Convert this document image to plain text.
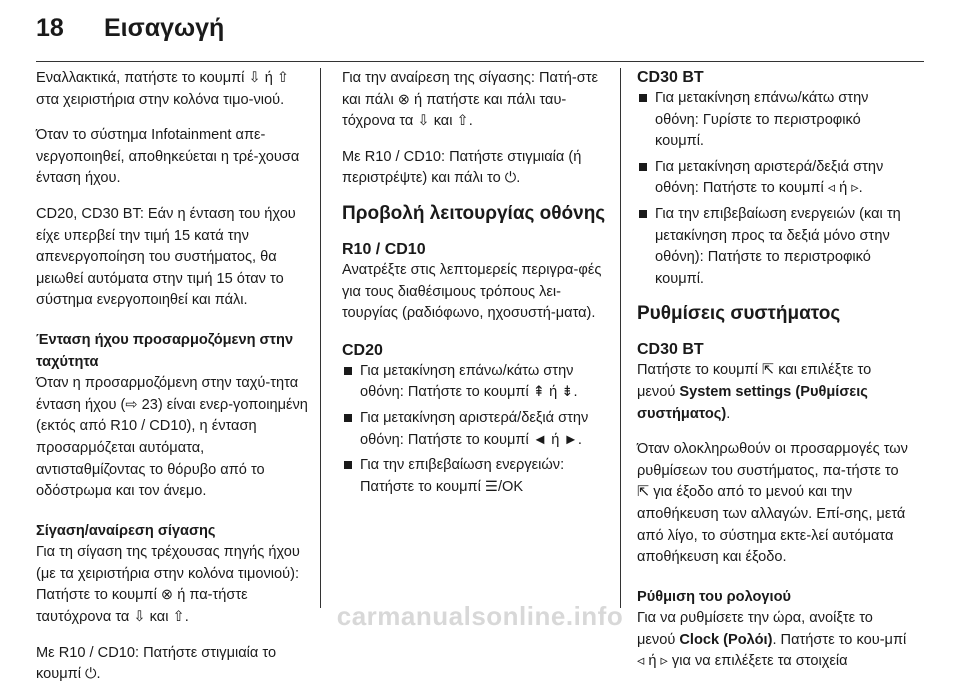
18 Εισαγωγή

Εναλλακτικά, πατήστε το κουμπί ⇩ ή ⇧ στα χειριστήρια στην κολόνα τιμο-νιού.

Όταν το σύστημα Infotainment απε-νεργοποιηθεί, αποθηκεύεται η τρέ-χουσα ένταση ήχου.

CD20, CD30 BT: Εάν η ένταση του ήχου είχε υπερβεί την τιμή 15 κατά την απενεργοποίηση του συστήματος, θα μειωθεί αυτόματα στην τιμή 15 όταν το σύστημα ενεργοποιηθεί και πάλι.

Ένταση ήχου προσαρμοζόμενη στην ταχύτητα

Όταν η προσαρμοζόμενη στην ταχύ-τητα ένταση ήχου (⇨ 23) είναι ενερ-γοποιημένη (εκτός από R10 / CD10), η ένταση προσαρμόζεται αυτόματα, αντισταθμίζοντας το θόρυβο από το οδόστρωμα και τον άνεμο.

Σίγαση/αναίρεση σίγασης

Για τη σίγαση της τρέχουσας πηγής ήχου (με τα χειριστήρια στην κολόνα τιμονιού): Πατήστε το κουμπί ⊗ ή πα-τήστε ταυτόχρονα τα ⇩ και ⇧.

Με R10 / CD10: Πατήστε στιγμιαία το κουμπί ⏻.

Για την αναίρεση της σίγασης: Πατή-στε και πάλι ⊗ ή πατήστε και πάλι ταυ-τόχρονα τα ⇩ και ⇧.

Με R10 / CD10: Πατήστε στιγμιαία (ή περιστρέψτε) και πάλι το ⏻.

Προβολή λειτουργίας οθόνης
R10 / CD10

Ανατρέξτε στις λεπτομερείς περιγρα-φές για τους διαθέσιμους τρόπους λει-τουργίας (ραδιόφωνο, ηχοσυστή-ματα).

CD20
Για μετακίνηση επάνω/κάτω στην οθόνη: Πατήστε το κουμπί ⇞ ή ⇟.
Για μετακίνηση αριστερά/δεξιά στην οθόνη: Πατήστε το κουμπί ◄ ή ►.
Για την επιβεβαίωση ενεργειών: Πατήστε το κουμπί ☰/OK
CD30 BT
Για μετακίνηση επάνω/κάτω στην οθόνη: Γυρίστε το περιστροφικό κουμπί.
Για μετακίνηση αριστερά/δεξιά στην οθόνη: Πατήστε το κουμπί ◃ ή ▹.
Για την επιβεβαίωση ενεργειών (και τη μετακίνηση προς τα δεξιά μόνο στην οθόνη): Πατήστε το περιστροφικό κουμπί.
Ρυθμίσεις συστήματος
CD30 BT

Πατήστε το κουμπί ⇱ και επιλέξτε το μενού System settings (Ρυθμίσεις συστήματος).

Όταν ολοκληρωθούν οι προσαρμογές των ρυθμίσεων του συστήματος, πα-τήστε το ⇱ για έξοδο από το μενού και την αποθήκευση των αλλαγών. Επί-σης, μετά από λίγο, το σύστημα εκτε-λεί αυτόματα αποθήκευση και έξοδο.

Ρύθμιση του ρολογιού

Για να ρυθμίσετε την ώρα, ανοίξτε το μενού Clock (Ρολόι). Πατήστε το κου-μπί ◃ ή ▹ για να επιλέξετε τα στοιχεία

carmanualsonline.info
